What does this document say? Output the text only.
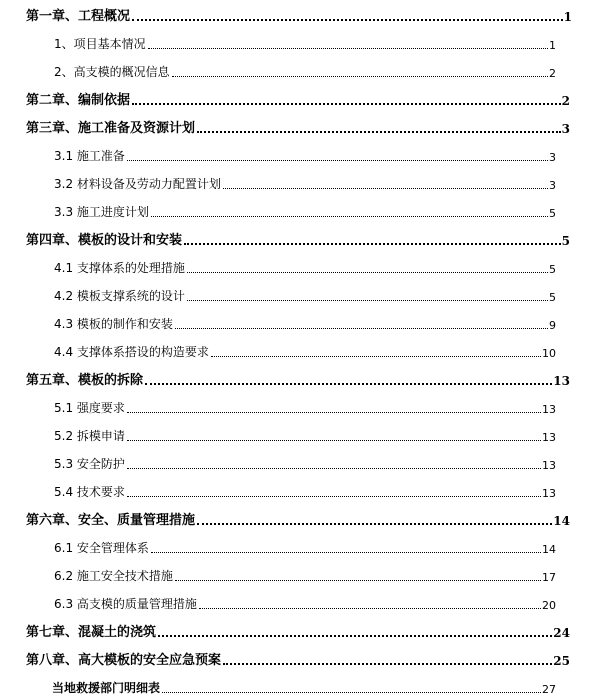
第一章、工程概况	1
1、项目基本情况	1
2、高支模的概况信息	2
第二章、编制依据	2
第三章、施工准备及资源计划	3
3.1 施工准备	3
3.2 材料设备及劳动力配置计划	3
3.3 施工进度计划	5
第四章、模板的设计和安装	5
4.1 支撑体系的处理措施	5
4.2 模板支撑系统的设计	5
4.3 模板的制作和安装	9
4.4 支撑体系搭设的构造要求	10
第五章、模板的拆除	13
5.1 强度要求	13
5.2 拆模申请	13
5.3 安全防护	13
5.4 技术要求	13
第六章、安全、质量管理措施	14
6.1 安全管理体系	14
6.2 施工安全技术措施	17
6.3 高支模的质量管理措施	20
第七章、混凝土的浇筑	24
第八章、高大模板的安全应急预案	25
当地救援部门明细表	27
